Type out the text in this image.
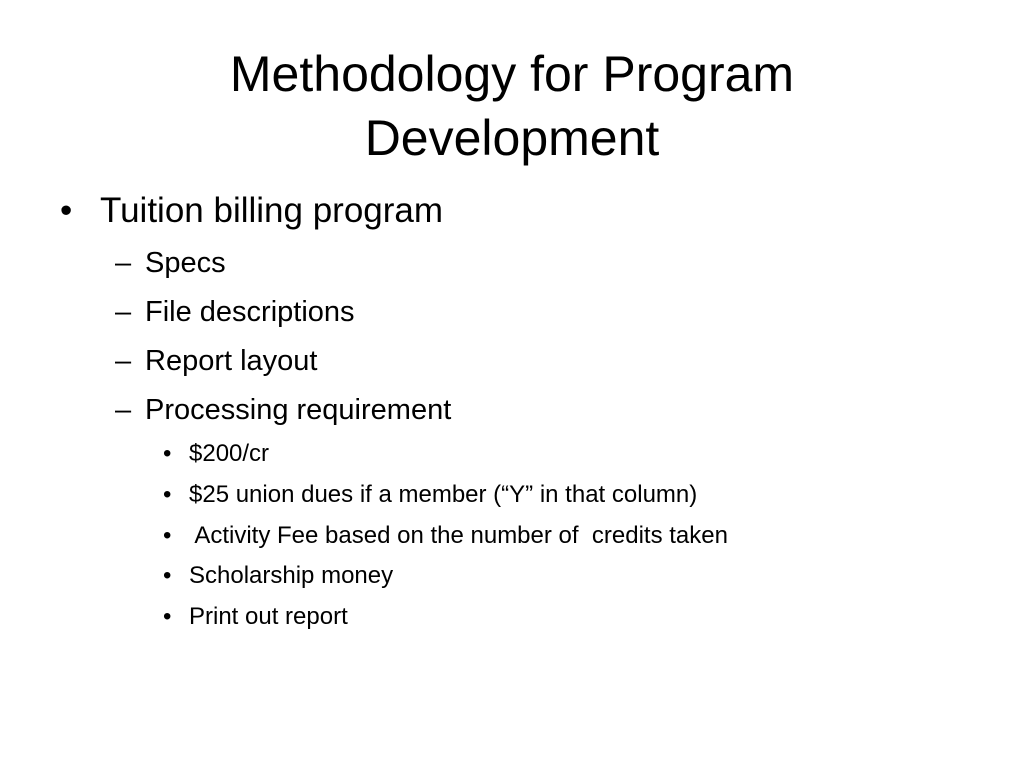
Methodology for Program
Development
• Tuition billing program
– Specs
– File descriptions
– Report layout
– Processing requirement
• $200/cr
• $25 union dues if a member (“Y” in that column)
• Activity Fee based on the number of  credits taken
• Scholarship money
• Print out report
